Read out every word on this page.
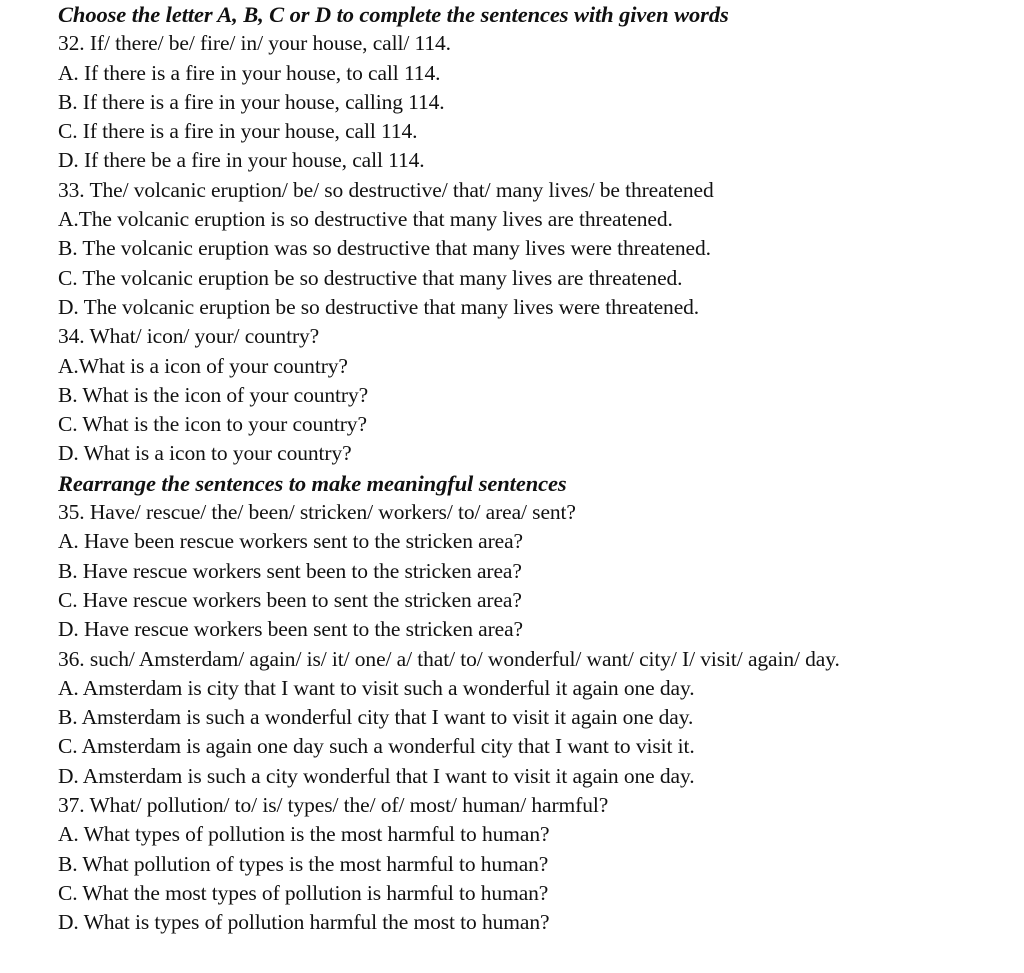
Choose the letter A, B, C or D to complete the sentences with given words
32. If/ there/ be/ fire/ in/ your house, call/ 114.
A. If there is a fire in your house, to call 114.
B. If there is a fire in your house, calling 114.
C. If there is a fire in your house, call 114.
D. If there be a fire in your house, call 114.
33. The/ volcanic eruption/ be/ so destructive/ that/ many lives/ be threatened
A.The volcanic eruption is so destructive that many lives are threatened.
B. The volcanic eruption was so destructive that many lives were threatened.
C. The volcanic eruption be so destructive that many lives are threatened.
D. The volcanic eruption be so destructive that many lives were threatened.
34. What/ icon/ your/ country?
A.What is a icon of your country?
B. What is the icon of your country?
C. What is the icon to your country?
D. What is a icon to your country?
Rearrange the sentences to make meaningful sentences
35. Have/ rescue/ the/ been/ stricken/ workers/ to/ area/ sent?
A. Have been rescue workers sent to the stricken area?
B. Have rescue workers sent been to the stricken area?
C. Have rescue workers been to sent the stricken area?
D. Have rescue workers been sent to the stricken area?
36. such/ Amsterdam/ again/ is/ it/ one/ a/ that/ to/ wonderful/ want/ city/ I/ visit/ again/ day.
A. Amsterdam is city that I want to visit such a wonderful it again one day.
B. Amsterdam is such a wonderful city that I want to visit it again one day.
C. Amsterdam is again one day such a wonderful city that I want to visit it.
D. Amsterdam is such a city wonderful that I want to visit it again one day.
37. What/ pollution/ to/ is/ types/ the/ of/ most/ human/ harmful?
A. What types of pollution is the most harmful to human?
B. What pollution of types is the most harmful to human?
C. What the most types of pollution is harmful to human?
D. What is types of pollution harmful the most to human?
